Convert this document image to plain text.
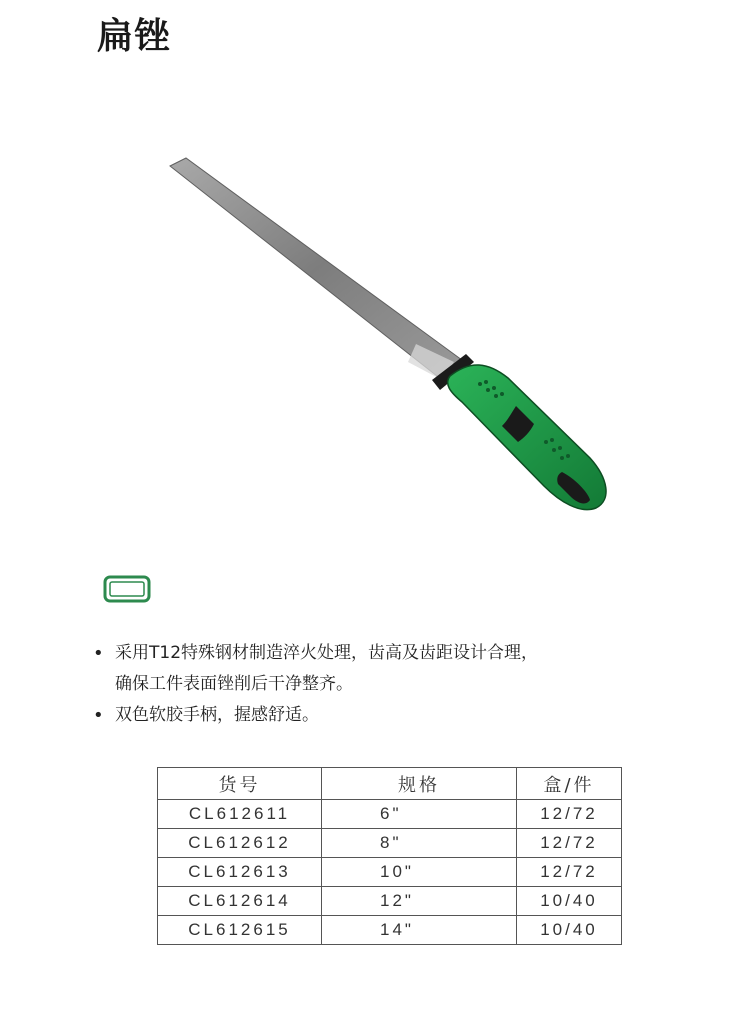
扁锉
• 采用T12特殊钢材制造淬火处理，齿高及齿距设计合理，
确保工件表面锉削后干净整齐。
• 双色软胶手柄，握感舒适。
货号	规格	盒/件
CL612611	6"	12/72
CL612612	8"	12/72
CL612613	10"	12/72
CL612614	12"	10/40
CL612615	14"	10/40
